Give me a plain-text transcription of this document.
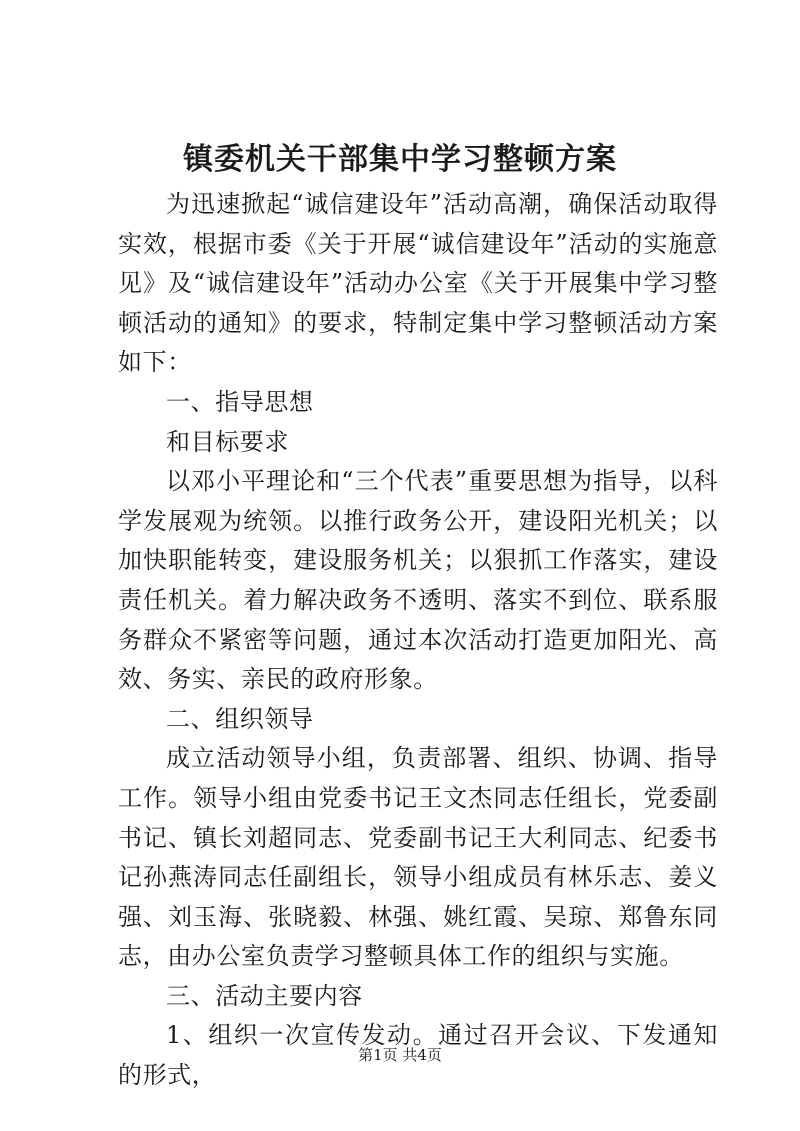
镇委机关干部集中学习整顿方案

为迅速掀起“诚信建设年”活动高潮，确保活动取得实效，根据市委《关于开展“诚信建设年”活动的实施意见》及“诚信建设年”活动办公室《关于开展集中学习整顿活动的通知》的要求，特制定集中学习整顿活动方案如下：

一、指导思想

和目标要求

以邓小平理论和“三个代表”重要思想为指导，以科学发展观为统领。以推行政务公开，建设阳光机关；以加快职能转变，建设服务机关；以狠抓工作落实，建设责任机关。着力解决政务不透明、落实不到位、联系服务群众不紧密等问题，通过本次活动打造更加阳光、高效、务实、亲民的政府形象。

二、组织领导

成立活动领导小组，负责部署、组织、协调、指导工作。领导小组由党委书记王文杰同志任组长，党委副书记、镇长刘超同志、党委副书记王大利同志、纪委书记孙燕涛同志任副组长，领导小组成员有林乐志、姜义强、刘玉海、张晓毅、林强、姚红霞、吴琼、郑鲁东同志，由办公室负责学习整顿具体工作的组织与实施。

三、活动主要内容

1、组织一次宣传发动。通过召开会议、下发通知的形式，

第1页 共4页
